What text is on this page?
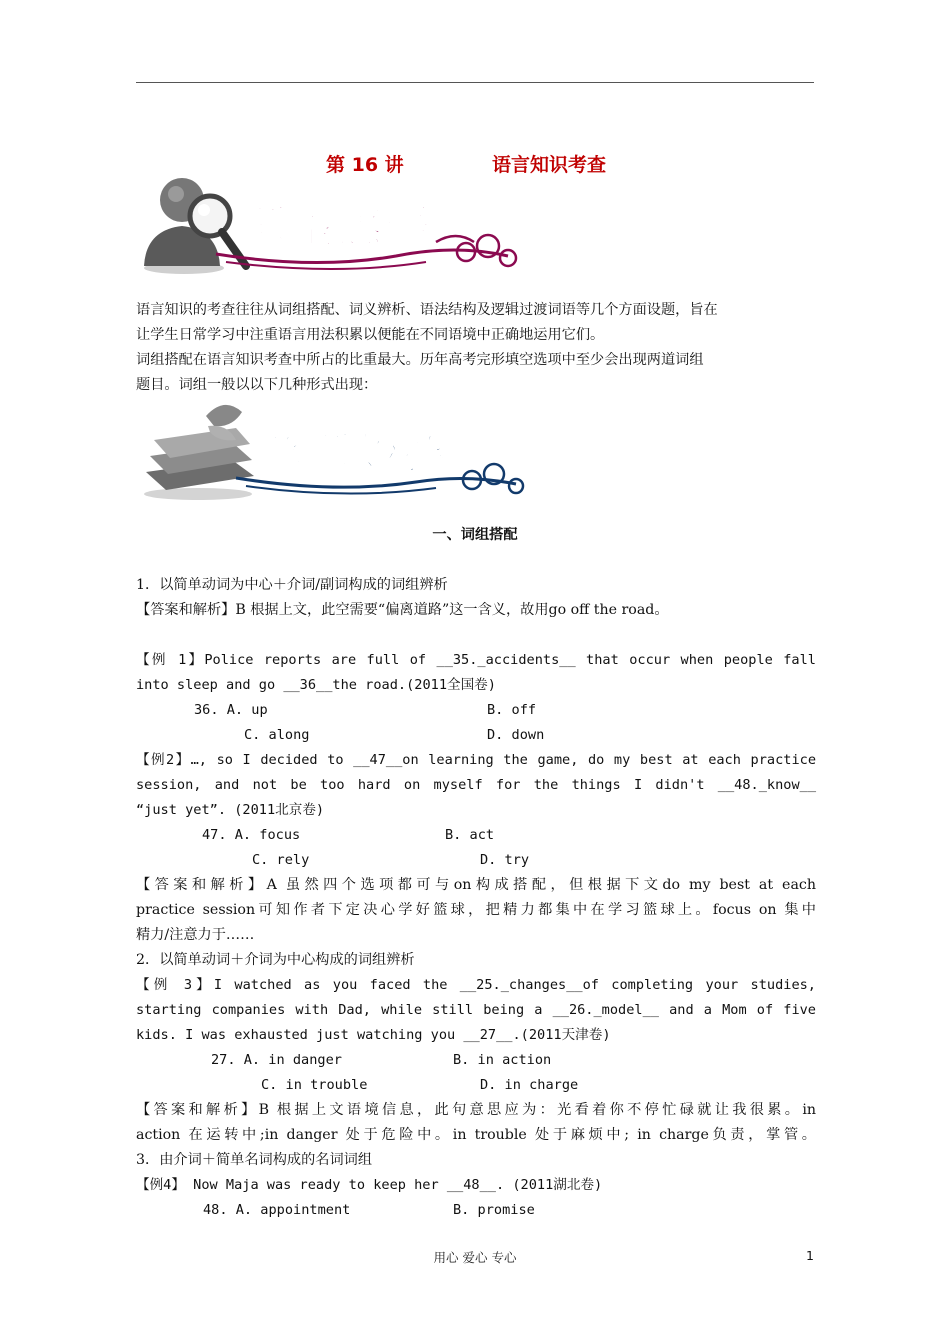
第 16 讲	语言知识考查
题型感悟
语言知识的考查往往从词组搭配、词义辨析、语法结构及逻辑过渡词语等几个方面设题，旨在
让学生日常学习中注重语言用法积累以便能在不同语境中正确地运用它们。
词组搭配在语言知识考查中所占的比重最大。历年高考完形填空选项中至少会出现两道词组
题目。词组一般以以下几种形式出现：
解题妙招
一、词组搭配
1．以简单动词为中心＋介词/副词构成的词组辨析
【答案和解析】B 根据上文，此空需要“偏离道路”这一含义，故用go off the road。
【例 1】Police reports are full of __35._accidents__ that occur when people fall
into sleep and go __36__the road.(2011全国卷)
36. A. up	B. off
C. along	D. down
【例2】…, so I decided to __47__on learning the game, do my best at each practice
session, and not be too hard on myself for the things I didn't __48._know__
“just yet”. (2011北京卷)
47. A. focus	B. act
C. rely	D. try
【答案和解析】A 虽然四个选项都可与on构成搭配，但根据下文do my best at each
practice session可知作者下定决心学好篮球，把精力都集中在学习篮球上。focus on 集中
精力/注意力于……
2．以简单动词＋介词为中心构成的词组辨析
【例 3】I watched as you faced the __25._changes__of completing your studies,
starting companies with Dad, while still being a __26._model__ and a Mom of five
kids. I was exhausted just watching you __27__.(2011天津卷)
27. A. in danger	B. in action
C. in trouble	D. in charge
【答案和解析】B 根据上文语境信息，此句意思应为：光看着你不停忙碌就让我很累。in
action 在运转中;in danger 处于危险中。in trouble 处于麻烦中; in charge负责，掌管。
3．由介词＋简单名词构成的名词词组
【例4】 Now Maja was ready to keep her __48__. (2011湖北卷)
48. A. appointment	B. promise
用心 爱心 专心	1
